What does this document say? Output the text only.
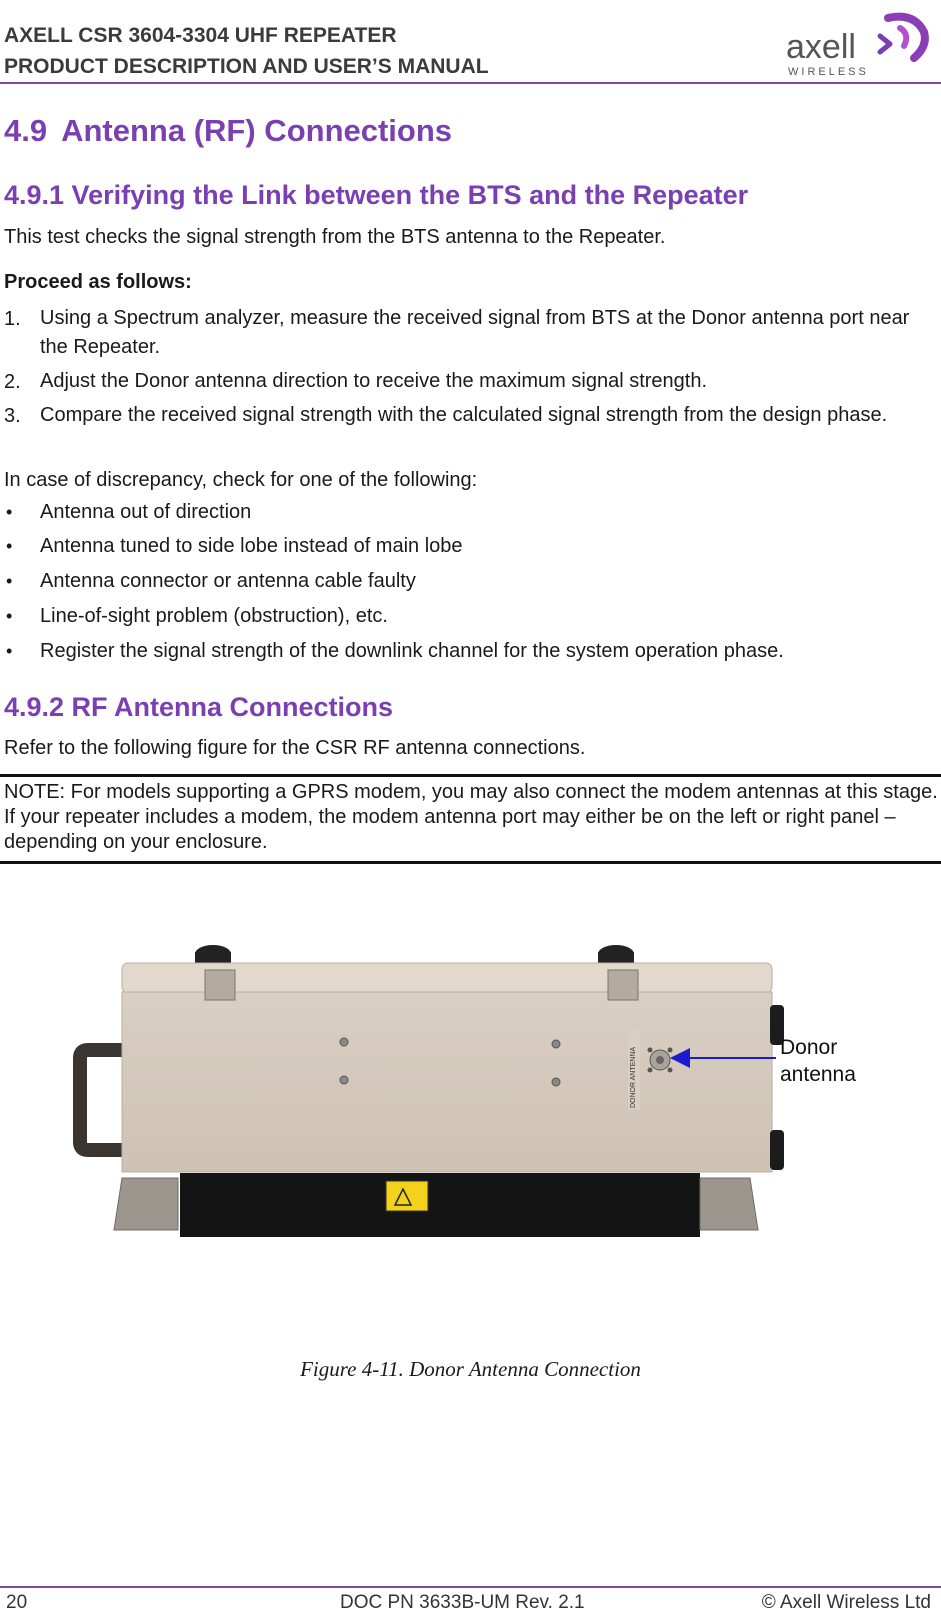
AXELL CSR 3604-3304 UHF REPEATER
PRODUCT DESCRIPTION AND USER’S MANUAL
axell
WIRELESS
4.9 Antenna (RF) Connections
4.9.1 Verifying the Link between the BTS and the Repeater
This test checks the signal strength from the BTS antenna to the Repeater.
Proceed as follows:
1. Using a Spectrum analyzer, measure the received signal from BTS at the Donor antenna port near the Repeater.
2. Adjust the Donor antenna direction to receive the maximum signal strength.
3. Compare the received signal strength with the calculated signal strength from the design phase.
In case of discrepancy, check for one of the following:
• Antenna out of direction
• Antenna tuned to side lobe instead of main lobe
• Antenna connector or antenna cable faulty
• Line-of-sight problem (obstruction), etc.
• Register the signal strength of the downlink channel for the system operation phase.
4.9.2 RF Antenna Connections
Refer to the following figure for the CSR RF antenna connections.
NOTE: For models supporting a GPRS modem, you may also connect the modem antennas at this stage. If your repeater includes a modem, the modem antenna port may either be on the left or right panel – depending on your enclosure.
DONOR ANTENNA	Donor
antenna
Figure 4-11. Donor Antenna Connection
20	DOC PN 3633B-UM Rev. 2.1	© Axell Wireless Ltd
